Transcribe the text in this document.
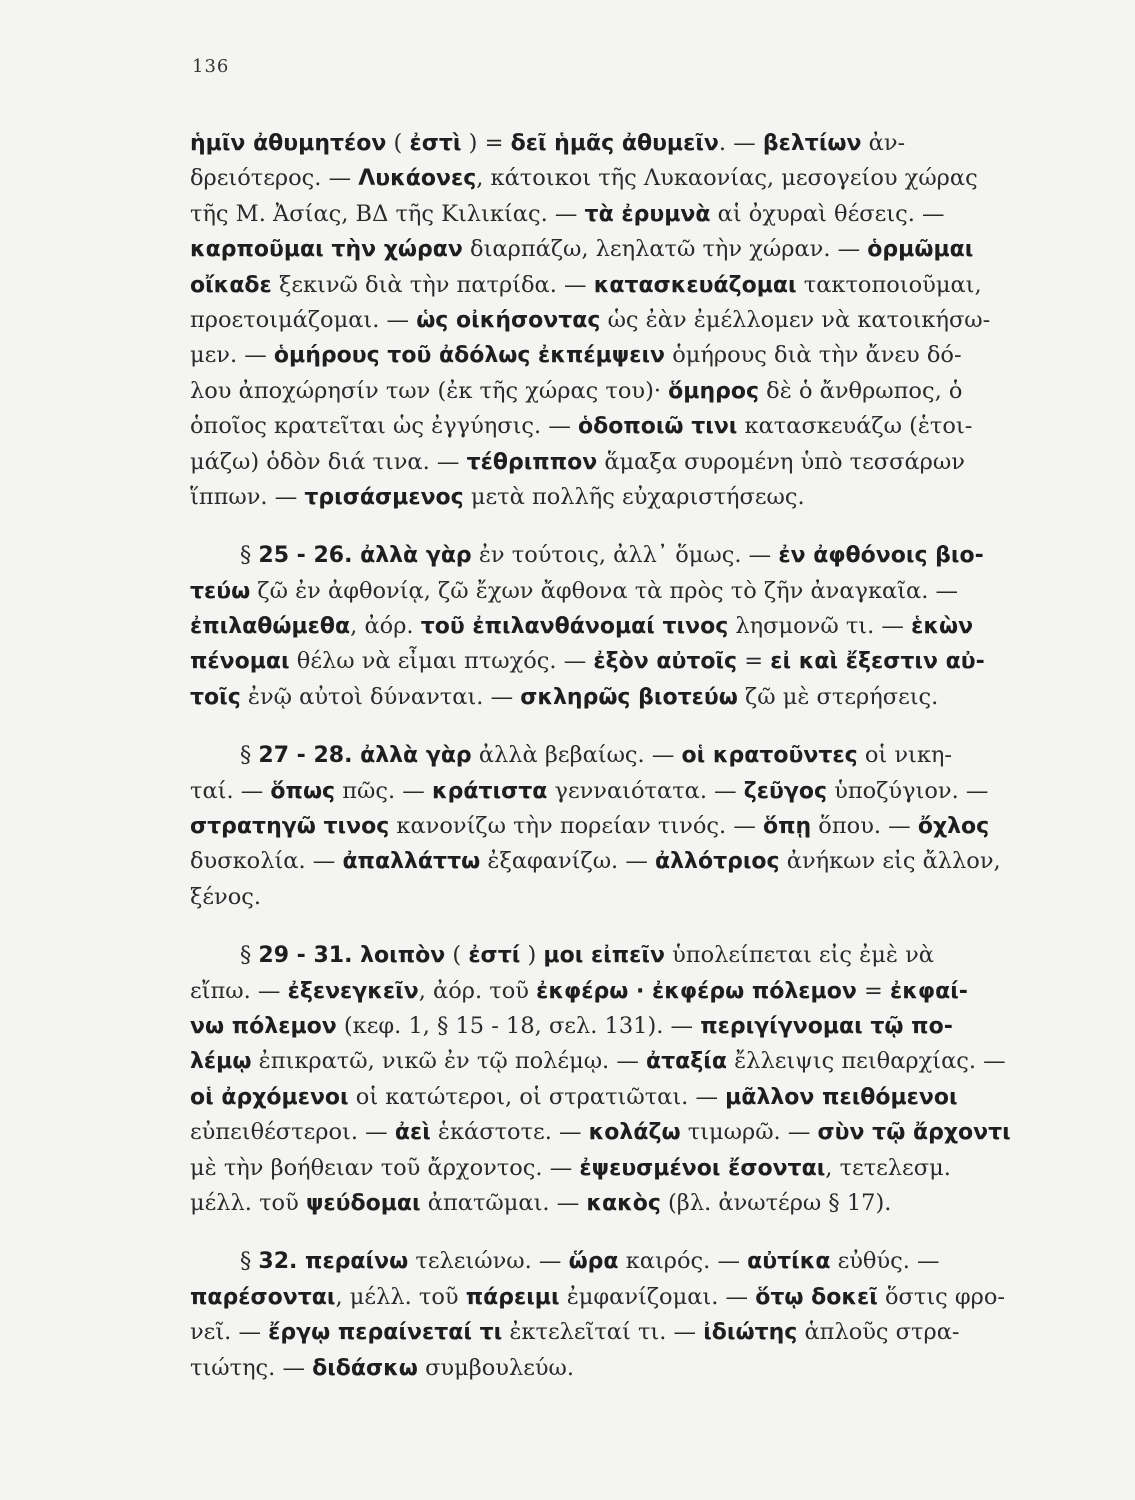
136

ἡμῖν ἀθυμητέον ( ἐστὶ ) = δεῖ ἡμᾶς ἀθυμεῖν. — βελτίων ἀν-
δρειότερος. — Λυκάονες, κάτοικοι τῆς Λυκαονίας, μεσογείου χώρας
τῆς Μ. Ἀσίας, ΒΔ τῆς Κιλικίας. — τὰ ἐρυμνὰ αἱ ὀχυραὶ θέσεις. —
καρποῦμαι τὴν χώραν διαρπάζω, λεηλατῶ τὴν χώραν. — ὁρμῶμαι
οἴκαδε ξεκινῶ διὰ τὴν πατρίδα. — κατασκευάζομαι τακτοποιοῦμαι,
προετοιμάζομαι. — ὡς οἰκήσοντας ὡς ἐὰν ἐμέλλομεν νὰ κατοικήσω-
μεν. — ὁμήρους τοῦ ἀδόλως ἐκπέμψειν ὁμήρους διὰ τὴν ἄνευ δό-
λου ἀποχώρησίν των (ἐκ τῆς χώρας του)· ὅμηρος δὲ ὁ ἄνθρωπος, ὁ
ὁποῖος κρατεῖται ὡς ἐγγύησις. — ὁδοποιῶ τινι κατασκευάζω (ἑτοι-
μάζω) ὁδὸν διά τινα. — τέθριππον ἅμαξα συρομένη ὑπὸ τεσσάρων
ἵππων. — τρισάσμενος μετὰ πολλῆς εὐχαριστήσεως.

§ 25 - 26. ἀλλὰ γὰρ ἐν τούτοις, ἀλλ᾽ ὅμως. — ἐν ἀφθόνοις βιο-
τεύω ζῶ ἐν ἀφθονίᾳ, ζῶ ἔχων ἄφθονα τὰ πρὸς τὸ ζῆν ἀναγκαῖα. —
ἐπιλαθώμεθα, ἀόρ. τοῦ ἐπιλανθάνομαί τινος λησμονῶ τι. — ἑκὼν
πένομαι θέλω νὰ εἶμαι πτωχός. — ἐξὸν αὐτοῖς = εἰ καὶ ἔξεστιν αὐ-
τοῖς ἐνῷ αὐτοὶ δύνανται. — σκληρῶς βιοτεύω ζῶ μὲ στερήσεις.

§ 27 - 28. ἀλλὰ γὰρ ἀλλὰ βεβαίως. — οἱ κρατοῦντες οἱ νικη-
ταί. — ὅπως πῶς. — κράτιστα γενναιότατα. — ζεῦγος ὑποζύγιον. —
στρατηγῶ τινος κανονίζω τὴν πορείαν τινός. — ὅπῃ ὅπου. — ὄχλος
δυσκολία. — ἀπαλλάττω ἐξαφανίζω. — ἀλλότριος ἀνήκων εἰς ἄλλον,
ξένος.

§ 29 - 31. λοιπὸν ( ἐστί ) μοι εἰπεῖν ὑπολείπεται εἰς ἐμὲ νὰ
εἴπω. — ἐξενεγκεῖν, ἀόρ. τοῦ ἐκφέρω · ἐκφέρω πόλεμον = ἐκφαί-
νω πόλεμον (κεφ. 1, § 15 - 18, σελ. 131). — περιγίγνομαι τῷ πο-
λέμῳ ἐπικρατῶ, νικῶ ἐν τῷ πολέμῳ. — ἀταξία ἔλλειψις πειθαρχίας. —
οἱ ἀρχόμενοι οἱ κατώτεροι, οἱ στρατιῶται. — μᾶλλον πειθόμενοι
εὐπειθέστεροι. — ἀεὶ ἑκάστοτε. — κολάζω τιμωρῶ. — σὺν τῷ ἄρχοντι
μὲ τὴν βοήθειαν τοῦ ἄρχοντος. — ἐψευσμένοι ἔσονται, τετελεσμ.
μέλλ. τοῦ ψεύδομαι ἀπατῶμαι. — κακὸς (βλ. ἀνωτέρω § 17).

§ 32. περαίνω τελειώνω. — ὥρα καιρός. — αὐτίκα εὐθύς. —
παρέσονται, μέλλ. τοῦ πάρειμι ἐμφανίζομαι. — ὅτῳ δοκεῖ ὅστις φρο-
νεῖ. — ἔργῳ περαίνεταί τι ἐκτελεῖταί τι. — ἰδιώτης ἁπλοῦς στρα-
τιώτης. — διδάσκω συμβουλεύω.
